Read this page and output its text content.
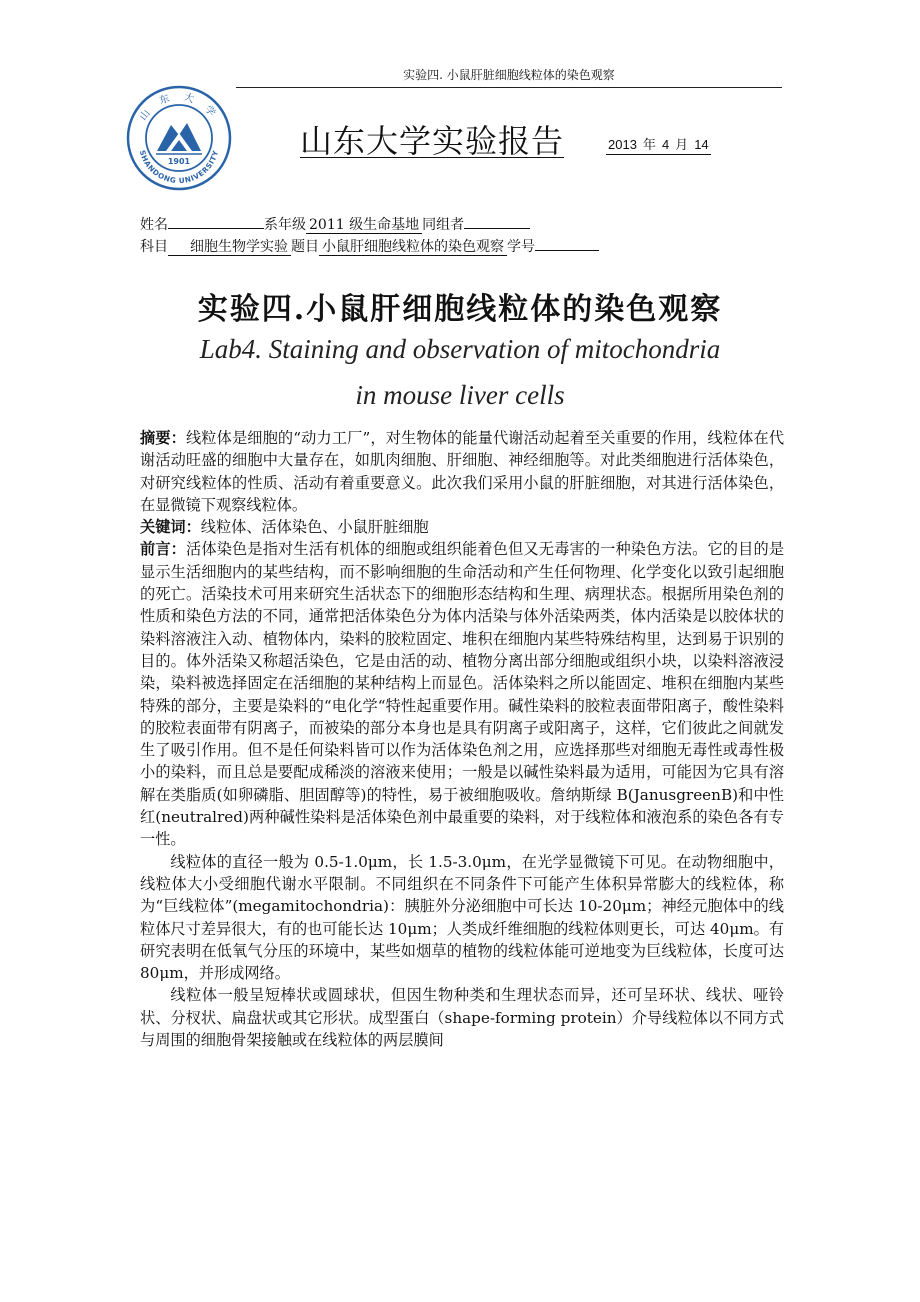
实验四. 小鼠肝脏细胞线粒体的染色观察
山 东 大 学
SHANDONG UNIVERSITY
1901
山东大学实验报告	2013 年 4 月 14
姓名	系年级 2011 级生命基地 同组者
科目 细胞生物学实验 题目 小鼠肝细胞线粒体的染色观察 学号
实验四.小鼠肝细胞线粒体的染色观察
Lab4. Staining and observation of mitochondria
in mouse liver cells

摘要：线粒体是细胞的“动力工厂”，对生物体的能量代谢活动起着至关重要的作用，线粒体在代谢活动旺盛的细胞中大量存在，如肌肉细胞、肝细胞、神经细胞等。对此类细胞进行活体染色，对研究线粒体的性质、活动有着重要意义。此次我们采用小鼠的肝脏细胞，对其进行活体染色，在显微镜下观察线粒体。

关键词：线粒体、活体染色、小鼠肝脏细胞

前言：活体染色是指对生活有机体的细胞或组织能着色但又无毒害的一种染色方法。它的目的是显示生活细胞内的某些结构，而不影响细胞的生命活动和产生任何物理、化学变化以致引起细胞的死亡。活染技术可用来研究生活状态下的细胞形态结构和生理、病理状态。根据所用染色剂的性质和染色方法的不同，通常把活体染色分为体内活染与体外活染两类，体内活染是以胶体状的染料溶液注入动、植物体内，染料的胶粒固定、堆积在细胞内某些特殊结构里，达到易于识别的目的。体外活染又称超活染色，它是由活的动、植物分离出部分细胞或组织小块，以染料溶液浸染，染料被选择固定在活细胞的某种结构上而显色。活体染料之所以能固定、堆积在细胞内某些特殊的部分，主要是染料的“电化学“特性起重要作用。碱性染料的胶粒表面带阳离子，酸性染料的胶粒表面带有阴离子，而被染的部分本身也是具有阴离子或阳离子，这样，它们彼此之间就发生了吸引作用。但不是任何染料皆可以作为活体染色剂之用，应选择那些对细胞无毒性或毒性极小的染料，而且总是要配成稀淡的溶液来使用；一般是以碱性染料最为适用，可能因为它具有溶解在类脂质(如卵磷脂、胆固醇等)的特性，易于被细胞吸收。詹纳斯绿 B(JanusgreenB)和中性红(neutralred)两种碱性染料是活体染色剂中最重要的染料，对于线粒体和液泡系的染色各有专一性。

线粒体的直径一般为 0.5-1.0μm，长 1.5-3.0μm，在光学显微镜下可见。在动物细胞中，线粒体大小受细胞代谢水平限制。不同组织在不同条件下可能产生体积异常膨大的线粒体，称为“巨线粒体”(megamitochondria)：胰脏外分泌细胞中可长达 10-20μm；神经元胞体中的线粒体尺寸差异很大，有的也可能长达 10μm；人类成纤维细胞的线粒体则更长，可达 40μm。有研究表明在低氧气分压的环境中，某些如烟草的植物的线粒体能可逆地变为巨线粒体，长度可达 80μm，并形成网络。

线粒体一般呈短棒状或圆球状，但因生物种类和生理状态而异，还可呈环状、线状、哑铃状、分杈状、扁盘状或其它形状。成型蛋白（shape-forming protein）介导线粒体以不同方式与周围的细胞骨架接触或在线粒体的两层膜间
